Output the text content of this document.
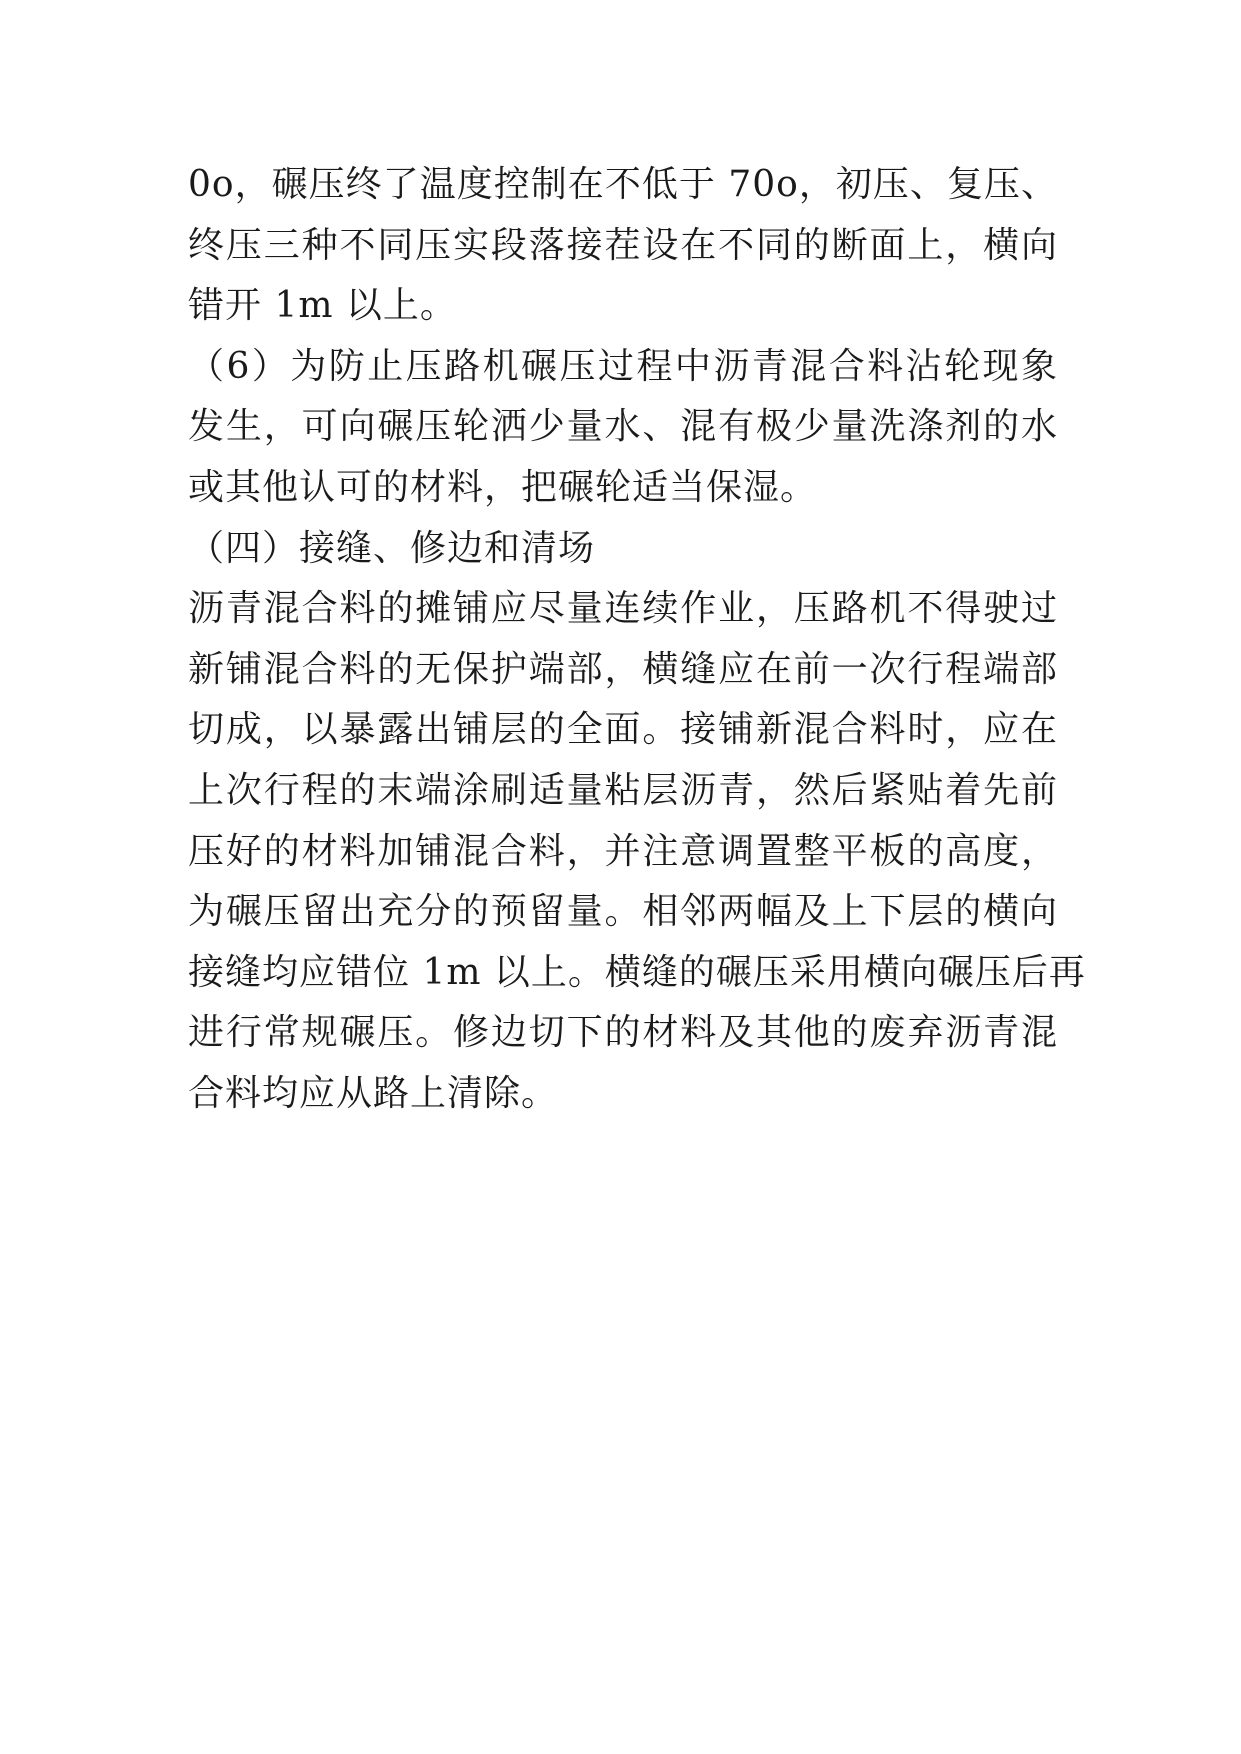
0o，碾压终了温度控制在不低于 70o，初压、复压、
终压三种不同压实段落接茬设在不同的断面上，横向
错开 1m 以上。
（6）为防止压路机碾压过程中沥青混合料沾轮现象
发生，可向碾压轮洒少量水、混有极少量洗涤剂的水
或其他认可的材料，把碾轮适当保湿。
（四）接缝、修边和清场
沥青混合料的摊铺应尽量连续作业，压路机不得驶过
新铺混合料的无保护端部，横缝应在前一次行程端部
切成，以暴露出铺层的全面。接铺新混合料时，应在
上次行程的末端涂刷适量粘层沥青，然后紧贴着先前
压好的材料加铺混合料，并注意调置整平板的高度，
为碾压留出充分的预留量。相邻两幅及上下层的横向
接缝均应错位 1m 以上。横缝的碾压采用横向碾压后再
进行常规碾压。修边切下的材料及其他的废弃沥青混
合料均应从路上清除。
